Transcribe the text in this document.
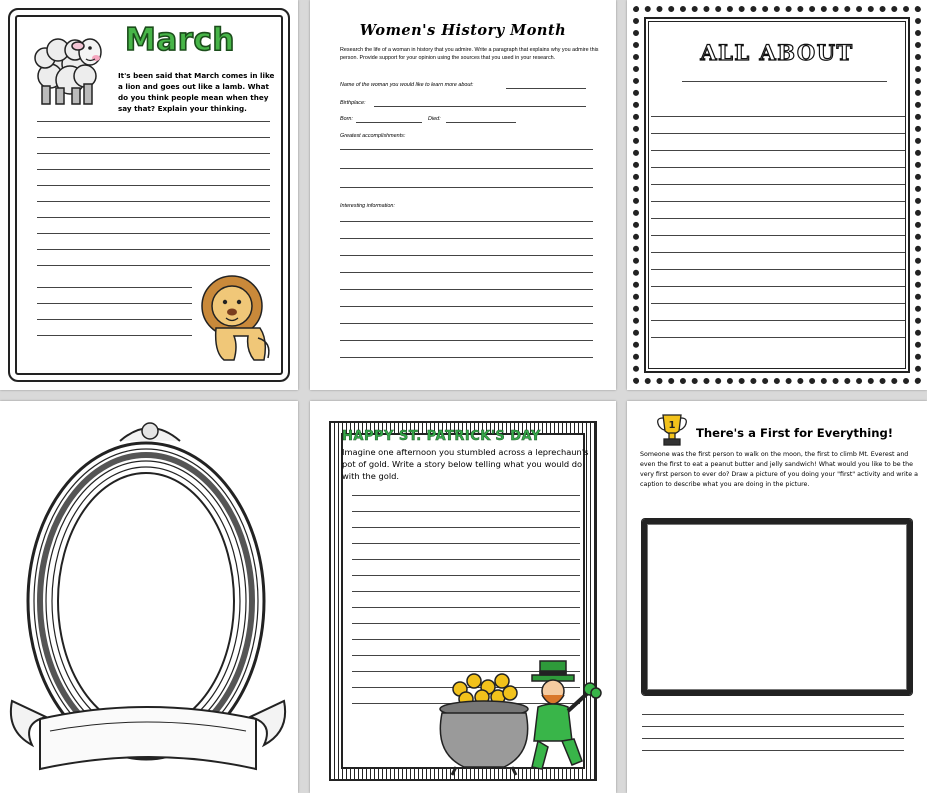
March

It's been said that March comes in like a lion and goes out like a lamb. What do you think people mean when they say that? Explain your thinking.

Women's History Month

Research the life of a woman in history that you admire. Write a paragraph that explains why you admire this person. Provide support for your opinion using the sources that you used in your research.

Name of the woman you would like to learn more about:
Birthplace:
Born:	Died:
Greatest accomplishments:
Interesting information:
ALL ABOUT
HAPPY ST. PATRICK'S DAY

Imagine one afternoon you stumbled across a leprechaun's pot of gold. Write a story below telling what you would do with the gold.

1
There's a First for Everything!

Someone was the first person to walk on the moon, the first to climb Mt. Everest and even the first to eat a peanut butter and jelly sandwich! What would you like to be the very first person to ever do? Draw a picture of you doing your "first" activity and write a caption to describe what you are doing in the picture.
